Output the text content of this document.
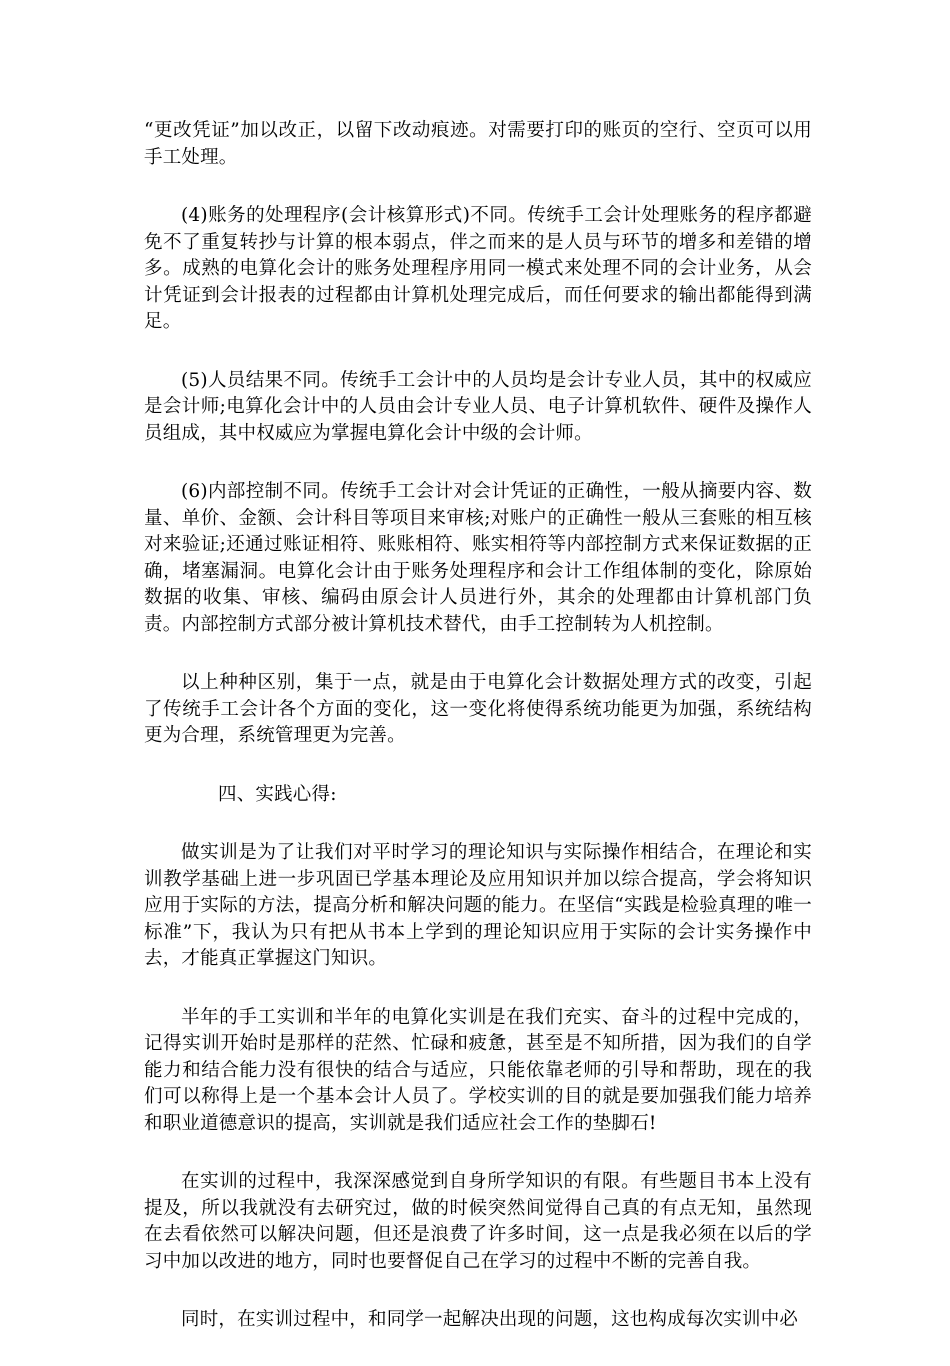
“更改凭证”加以改正，以留下改动痕迹。对需要打印的账页的空行、空页可以用手工处理。

(4)账务的处理程序(会计核算形式)不同。传统手工会计处理账务的程序都避免不了重复转抄与计算的根本弱点，伴之而来的是人员与环节的增多和差错的增多。成熟的电算化会计的账务处理程序用同一模式来处理不同的会计业务，从会计凭证到会计报表的过程都由计算机处理完成后，而任何要求的输出都能得到满足。

(5)人员结果不同。传统手工会计中的人员均是会计专业人员，其中的权威应是会计师;电算化会计中的人员由会计专业人员、电子计算机软件、硬件及操作人员组成，其中权威应为掌握电算化会计中级的会计师。

(6)内部控制不同。传统手工会计对会计凭证的正确性，一般从摘要内容、数量、单价、金额、会计科目等项目来审核;对账户的正确性一般从三套账的相互核对来验证;还通过账证相符、账账相符、账实相符等内部控制方式来保证数据的正确，堵塞漏洞。电算化会计由于账务处理程序和会计工作组体制的变化，除原始数据的收集、审核、编码由原会计人员进行外，其余的处理都由计算机部门负责。内部控制方式部分被计算机技术替代，由手工控制转为人机控制。

以上种种区别，集于一点，就是由于电算化会计数据处理方式的改变，引起了传统手工会计各个方面的变化，这一变化将使得系统功能更为加强，系统结构更为合理，系统管理更为完善。

四、实践心得:

做实训是为了让我们对平时学习的理论知识与实际操作相结合，在理论和实训教学基础上进一步巩固已学基本理论及应用知识并加以综合提高，学会将知识应用于实际的方法，提高分析和解决问题的能力。在坚信“实践是检验真理的唯一标准”下，我认为只有把从书本上学到的理论知识应用于实际的会计实务操作中去，才能真正掌握这门知识。

半年的手工实训和半年的电算化实训是在我们充实、奋斗的过程中完成的，记得实训开始时是那样的茫然、忙碌和疲惫，甚至是不知所措，因为我们的自学能力和结合能力没有很快的结合与适应，只能依靠老师的引导和帮助，现在的我们可以称得上是一个基本会计人员了。学校实训的目的就是要加强我们能力培养和职业道德意识的提高，实训就是我们适应社会工作的垫脚石!

在实训的过程中，我深深感觉到自身所学知识的有限。有些题目书本上没有提及，所以我就没有去研究过，做的时候突然间觉得自己真的有点无知，虽然现在去看依然可以解决问题，但还是浪费了许多时间，这一点是我必须在以后的学习中加以改进的地方，同时也要督促自己在学习的过程中不断的完善自我。

同时，在实训过程中，和同学一起解决出现的问题，这也构成每次实训中必
